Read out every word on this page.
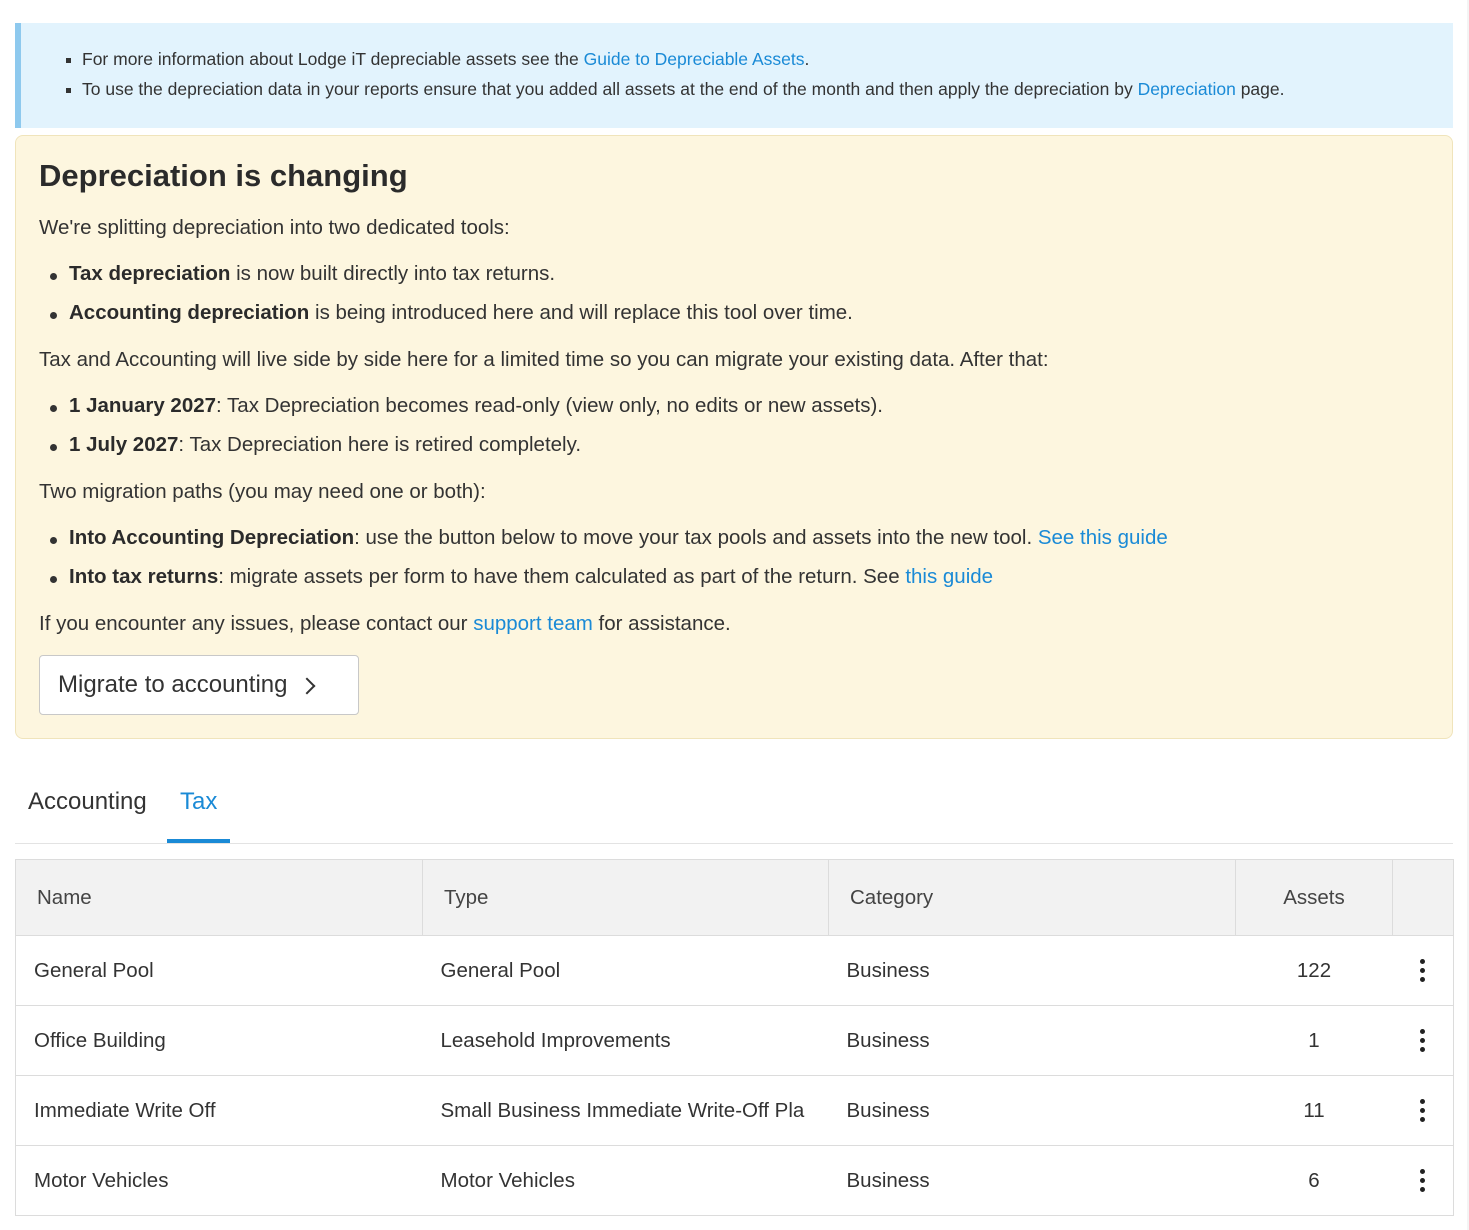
For more information about Lodge iT depreciable assets see the Guide to Depreciable Assets.
To use the depreciation data in your reports ensure that you added all assets at the end of the month and then apply the depreciation by Depreciation page.
Depreciation is changing
We're splitting depreciation into two dedicated tools:
Tax depreciation is now built directly into tax returns.
Accounting depreciation is being introduced here and will replace this tool over time.
Tax and Accounting will live side by side here for a limited time so you can migrate your existing data. After that:
1 January 2027: Tax Depreciation becomes read-only (view only, no edits or new assets).
1 July 2027: Tax Depreciation here is retired completely.
Two migration paths (you may need one or both):
Into Accounting Depreciation: use the button below to move your tax pools and assets into the new tool. See this guide
Into tax returns: migrate assets per form to have them calculated as part of the return. See this guide
If you encounter any issues, please contact our support team for assistance.
Migrate to accounting
Accounting	Tax
Name	Type	Category	Assets	
General Pool	General Pool	Business	122	

Office Building	Leasehold Improvements	Business	1	

Immediate Write Off	Small Business Immediate Write-Off Pla	Business	11	

Motor Vehicles	Motor Vehicles	Business	6	
